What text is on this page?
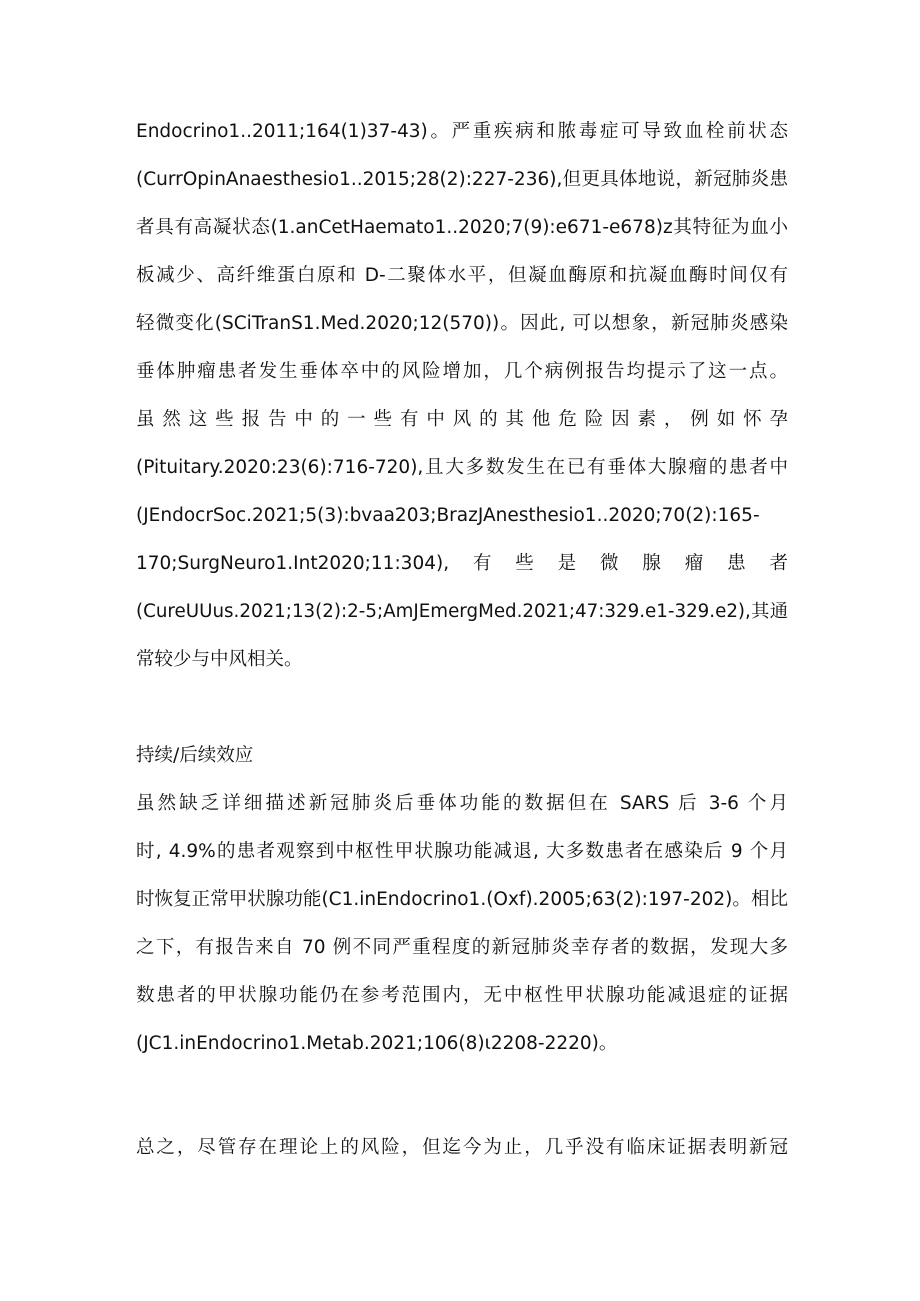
Endocrino1..2011;164(1)37-43)。严重疾病和脓毒症可导致血栓前状态
(CurrOpinAnaesthesio1..2015;28(2):227-236),但更具体地说，新冠肺炎患
者具有高凝状态(1.anCetHaemato1..2020;7(9):e671-e678)z其特征为血小
板减少、高纤维蛋白原和 D-二聚体水平，但凝血酶原和抗凝血酶时间仅有
轻微变化(SCiTranS1.Med.2020;12(570))。因此, 可以想象，新冠肺炎感染
垂体肿瘤患者发生垂体卒中的风险增加，几个病例报告均提示了这一点。
虽然这些报告中的一些有中风的其他危险因素，例如怀孕
(Pituitary.2020:23(6):716-720),且大多数发生在已有垂体大腺瘤的患者中
(JEndocrSoc.2021;5(3):bvaa203;BrazJAnesthesio1..2020;70(2):165-
170;SurgNeuro1.Int2020;11:304),有些是微腺瘤患者
(CureUUus.2021;13(2):2-5;AmJEmergMed.2021;47:329.e1-329.e2),其通
常较少与中风相关。
持续/后续效应
虽然缺乏详细描述新冠肺炎后垂体功能的数据但在 SARS 后 3-6 个月
时, 4.9%的患者观察到中枢性甲状腺功能减退, 大多数患者在感染后 9 个月
时恢复正常甲状腺功能(C1.inEndocrino1.(Oxf).2005;63(2):197-202)。相比
之下，有报告来自 70 例不同严重程度的新冠肺炎幸存者的数据，发现大多
数患者的甲状腺功能仍在参考范围内，无中枢性甲状腺功能减退症的证据
(JC1.inEndocrino1.Metab.2021;106(8)ι2208-2220)。
总之，尽管存在理论上的风险，但迄今为止，几乎没有临床证据表明新冠
